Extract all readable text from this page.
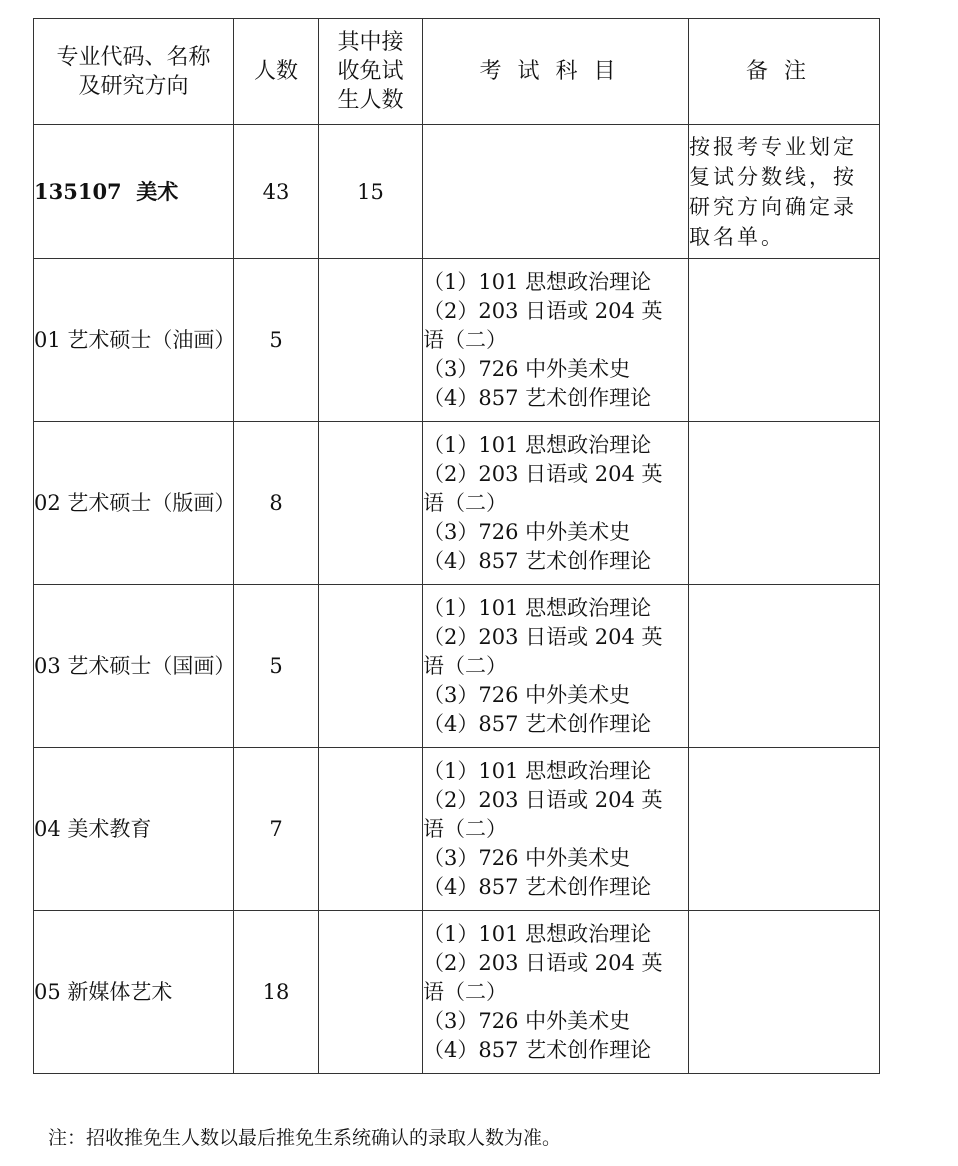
专业代码、名称及研究方向	人数	其中接收免试生人数	考试科目	备注
135107 美术	43	15		按报考专业划定复试分数线，按研究方向确定录取名单。
01 艺术硕士（油画）	5		（1）101 思想政治理论
（2）203 日语或 204 英
语（二）
（3）726 中外美术史
（4）857 艺术创作理论	

02 艺术硕士（版画）	8		（1）101 思想政治理论
（2）203 日语或 204 英
语（二）
（3）726 中外美术史
（4）857 艺术创作理论	

03 艺术硕士（国画）	5		（1）101 思想政治理论
（2）203 日语或 204 英
语（二）
（3）726 中外美术史
（4）857 艺术创作理论	

04 美术教育	7		（1）101 思想政治理论
（2）203 日语或 204 英
语（二）
（3）726 中外美术史
（4）857 艺术创作理论	

05 新媒体艺术	18		（1）101 思想政治理论
（2）203 日语或 204 英
语（二）
（3）726 中外美术史
（4）857 艺术创作理论	

注：招收推免生人数以最后推免生系统确认的录取人数为准。
